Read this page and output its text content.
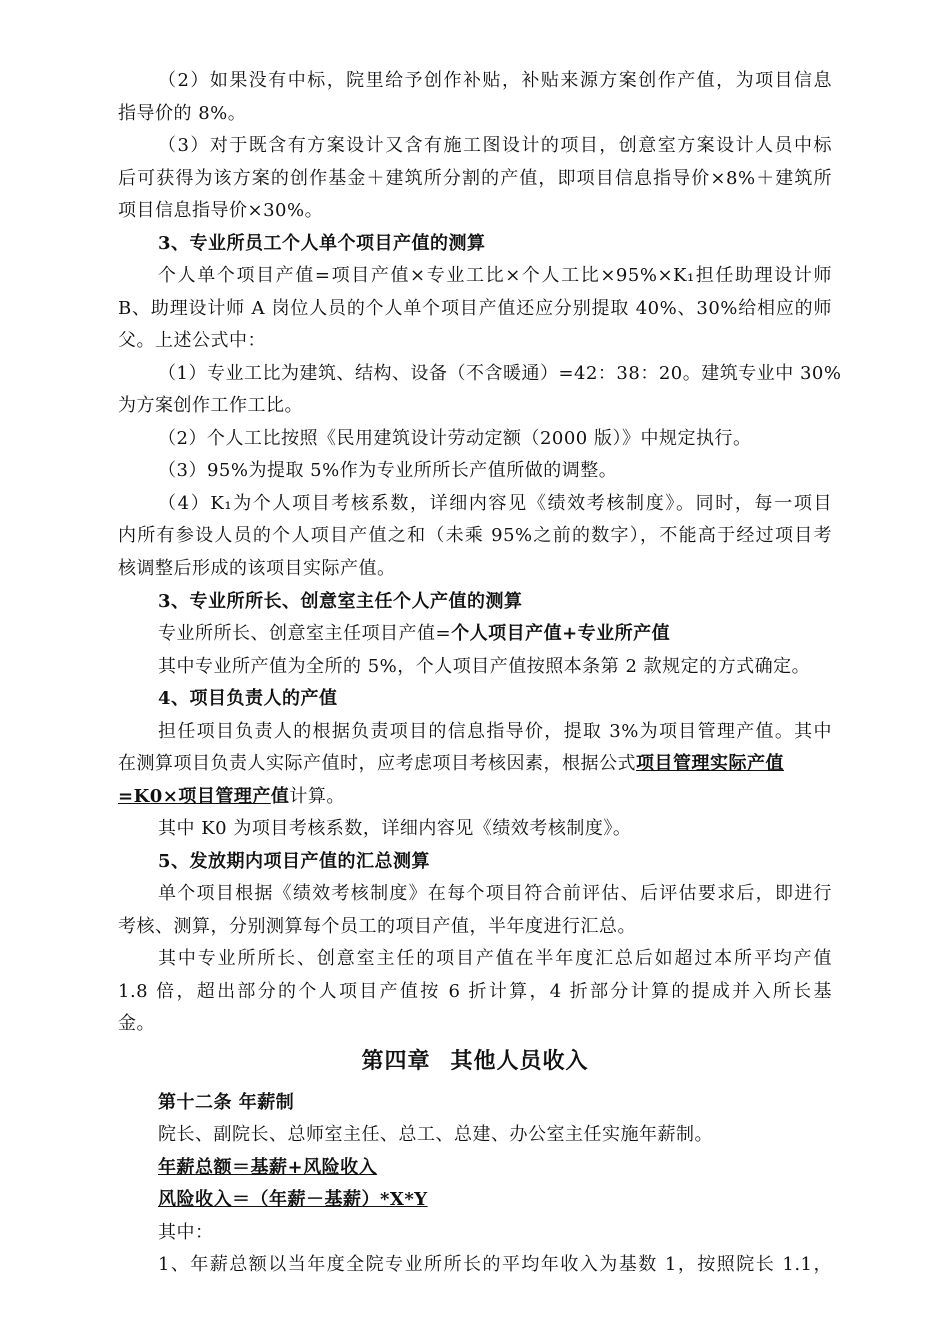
（2）如果没有中标，院里给予创作补贴，补贴来源方案创作产值，为项目信息
指导价的 8%。
（3）对于既含有方案设计又含有施工图设计的项目，创意室方案设计人员中标
后可获得为该方案的创作基金＋建筑所分割的产值，即项目信息指导价×8%＋建筑所
项目信息指导价×30%。
3、专业所员工个人单个项目产值的测算
个人单个项目产值=项目产值×专业工比×个人工比×95%×K₁担任助理设计师
B、助理设计师 A 岗位人员的个人单个项目产值还应分别提取 40%、30%给相应的师
父。上述公式中：
（1）专业工比为建筑、结构、设备（不含暖通）=42：38：20。建筑专业中 30%
为方案创作工作工比。
（2）个人工比按照《民用建筑设计劳动定额（2000 版）》中规定执行。
（3）95%为提取 5%作为专业所所长产值所做的调整。
（4）K₁为个人项目考核系数，详细内容见《绩效考核制度》。同时，每一项目
内所有参设人员的个人项目产值之和（未乘 95%之前的数字），不能高于经过项目考
核调整后形成的该项目实际产值。
3、专业所所长、创意室主任个人产值的测算
专业所所长、创意室主任项目产值=个人项目产值+专业所产值
其中专业所产值为全所的 5%，个人项目产值按照本条第 2 款规定的方式确定。
4、项目负责人的产值
担任项目负责人的根据负责项目的信息指导价，提取 3%为项目管理产值。其中
在测算项目负责人实际产值时，应考虑项目考核因素，根据公式项目管理实际产值
=K0×项目管理产值计算。
其中 K0 为项目考核系数，详细内容见《绩效考核制度》。
5、发放期内项目产值的汇总测算
单个项目根据《绩效考核制度》在每个项目符合前评估、后评估要求后，即进行
考核、测算，分别测算每个员工的项目产值，半年度进行汇总。
其中专业所所长、创意室主任的项目产值在半年度汇总后如超过本所平均产值
1.8 倍，超出部分的个人项目产值按 6 折计算，4 折部分计算的提成并入所长基
金。
第四章 其他人员收入
第十二条 年薪制
院长、副院长、总师室主任、总工、总建、办公室主任实施年薪制。
年薪总额＝基薪+风险收入
风险收入＝（年薪－基薪）*X*Y
其中：
1、年薪总额以当年度全院专业所所长的平均年收入为基数 1，按照院长 1.1，
